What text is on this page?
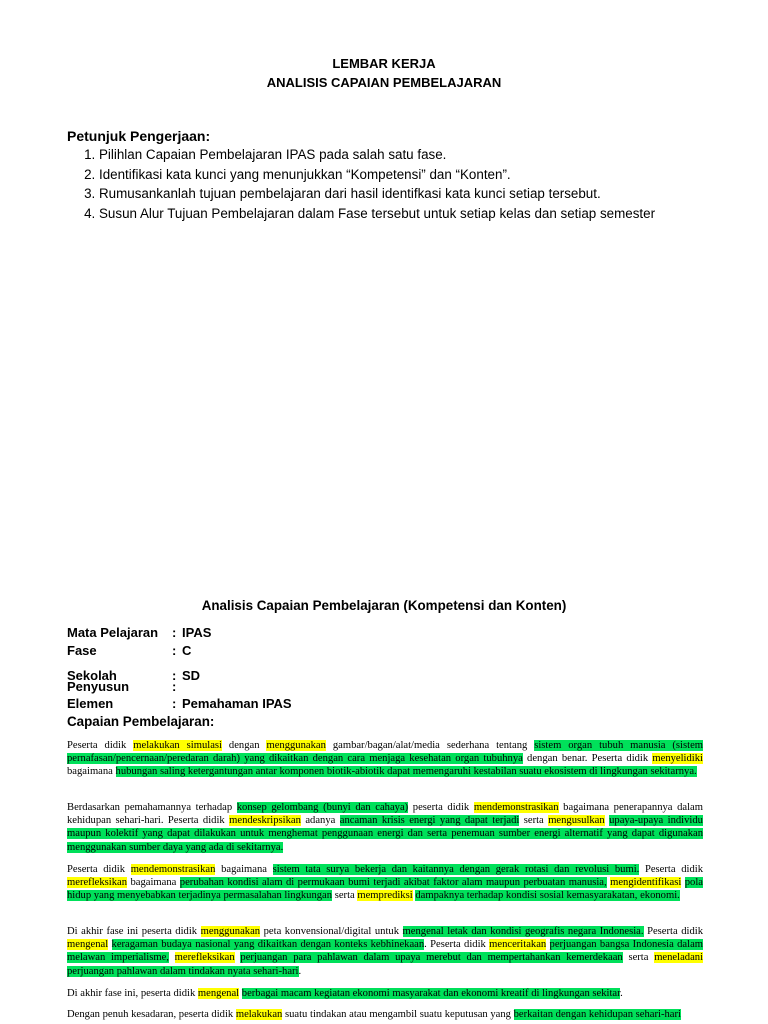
LEMBAR KERJA
ANALISIS CAPAIAN PEMBELAJARAN
Petunjuk Pengerjaan:
1. Pilihlan Capaian Pembelajaran IPAS pada salah satu fase.
2. Identifikasi kata kunci yang menunjukkan “Kompetensi” dan “Konten”.
3. Rumusankanlah tujuan pembelajaran dari hasil identifkasi kata kunci setiap tersebut.
4. Susun Alur Tujuan Pembelajaran dalam Fase tersebut untuk setiap kelas dan setiap semester
Analisis Capaian Pembelajaran (Kompetensi dan Konten)
Mata Pelajaran : IPAS
Fase	: C
Sekolah	: SD
Penyusun	:
Elemen	: Pemahaman IPAS
Capaian Pembelajaran:

Peserta didik melakukan simulasi dengan menggunakan gambar/bagan/alat/media sederhana tentang sistem organ tubuh manusia (sistem pernafasan/pencernaan/peredaran darah) yang dikaitkan dengan cara menjaga kesehatan organ tubuhnya dengan benar. Peserta didik menyelidiki bagaimana hubungan saling ketergantungan antar komponen biotik-abiotik dapat memengaruhi kestabilan suatu ekosistem di lingkungan sekitarnya.

Berdasarkan pemahamannya terhadap konsep gelombang (bunyi dan cahaya) peserta didik mendemonstrasikan bagaimana penerapannya dalam kehidupan sehari-hari. Peserta didik mendeskripsikan adanya ancaman krisis energi yang dapat terjadi serta mengusulkan upaya-upaya individu maupun kolektif yang dapat dilakukan untuk menghemat penggunaan energi dan serta penemuan sumber energi alternatif yang dapat digunakan menggunakan sumber daya yang ada di sekitarnya.

Peserta didik mendemonstrasikan bagaimana sistem tata surya bekerja dan kaitannya dengan gerak rotasi dan revolusi bumi. Peserta didik merefleksikan bagaimana perubahan kondisi alam di permukaan bumi terjadi akibat faktor alam maupun perbuatan manusia, mengidentifikasi pola hidup yang menyebabkan terjadinya permasalahan lingkungan serta memprediksi dampaknya terhadap kondisi sosial kemasyarakatan, ekonomi.

Di akhir fase ini peserta didik menggunakan peta konvensional/digital untuk mengenal letak dan kondisi geografis negara Indonesia. Peserta didik mengenal keragaman budaya nasional yang dikaitkan dengan konteks kebhinekaan. Peserta didik menceritakan perjuangan bangsa Indonesia dalam melawan imperialisme, merefleksikan perjuangan para pahlawan dalam upaya merebut dan mempertahankan kemerdekaan serta meneladani perjuangan pahlawan dalam tindakan nyata sehari-hari.

Di akhir fase ini, peserta didik mengenal berbagai macam kegiatan ekonomi masyarakat dan ekonomi kreatif di lingkungan sekitar.

Dengan penuh kesadaran, peserta didik melakukan suatu tindakan atau mengambil suatu keputusan yang berkaitan dengan kehidupan sehari-hari
